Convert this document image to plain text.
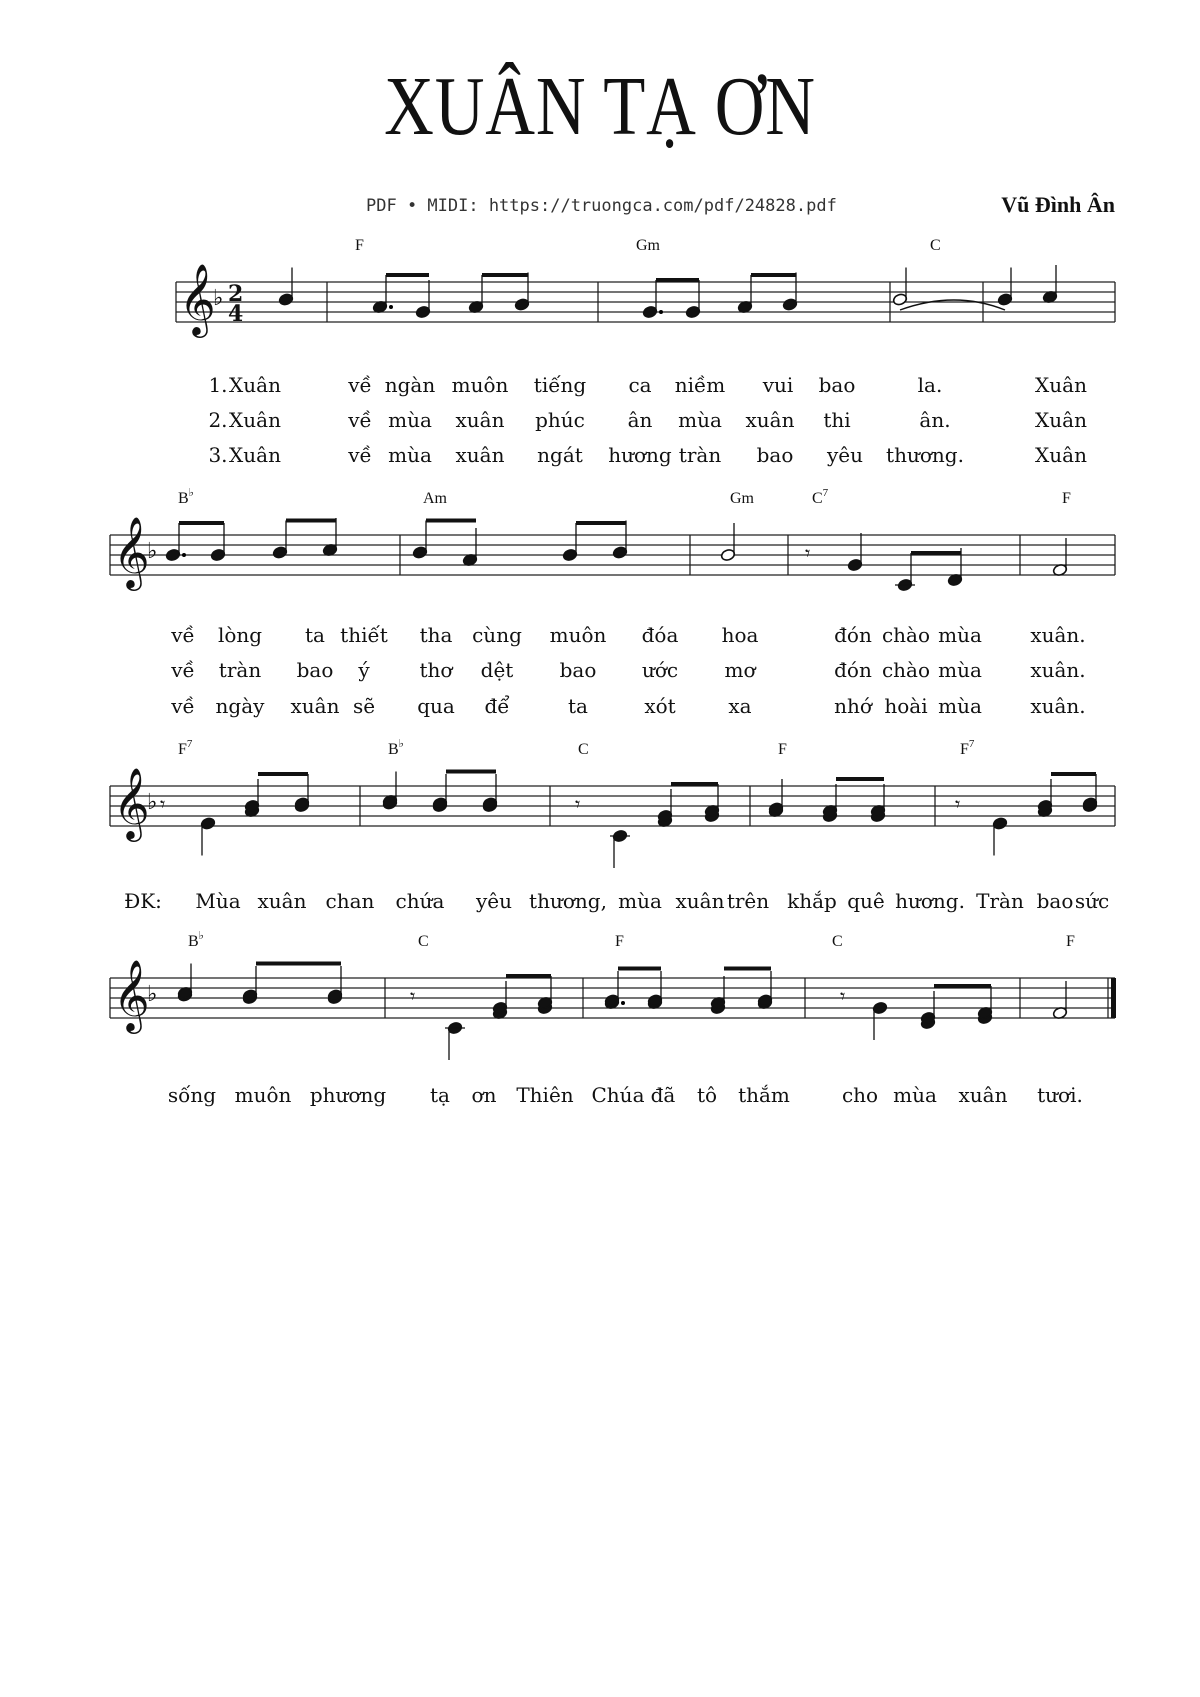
XUÂN TẠ ƠN
PDF • MIDI: https://truongca.com/pdf/24828.pdf	Vũ Đình Ân
𝄞
♭ 2
4
F	Gm	C
1. Xuân	về ngàn muôn tiếng ca niềm vui bao	la.	Xuân
2. Xuân	về mùa xuân phúc ân mùa xuân thi	ân.	Xuân
3. Xuân	về mùa xuân ngát hương tràn bao yêu thương.	Xuân
𝄞
♭
B♭	Am	Gm	$C^7$	F
về lòng ta thiết tha cùng muôn đóa hoa	đón chào mùa xuân.
về tràn bao ý thơ dệt bao ước mơ	đón chào mùa xuân.
về ngày xuân sẽ qua để	ta	xót	xa	nhớ hoài mùa xuân.
𝄞
♭
$F^7$	B♭	C	F	$F^7$
ĐK: Mùa xuân chan chứa yêu thương, mùa xuân trên khắp quê hương. Tràn bao sức
𝄞
♭
B♭	C	F	C	F
sống muôn phương tạ ơn Thiên Chúa đã tô thắm	cho mùa xuân tươi.
𝄾
𝄾	𝄾	𝄾
𝄾	𝄾
